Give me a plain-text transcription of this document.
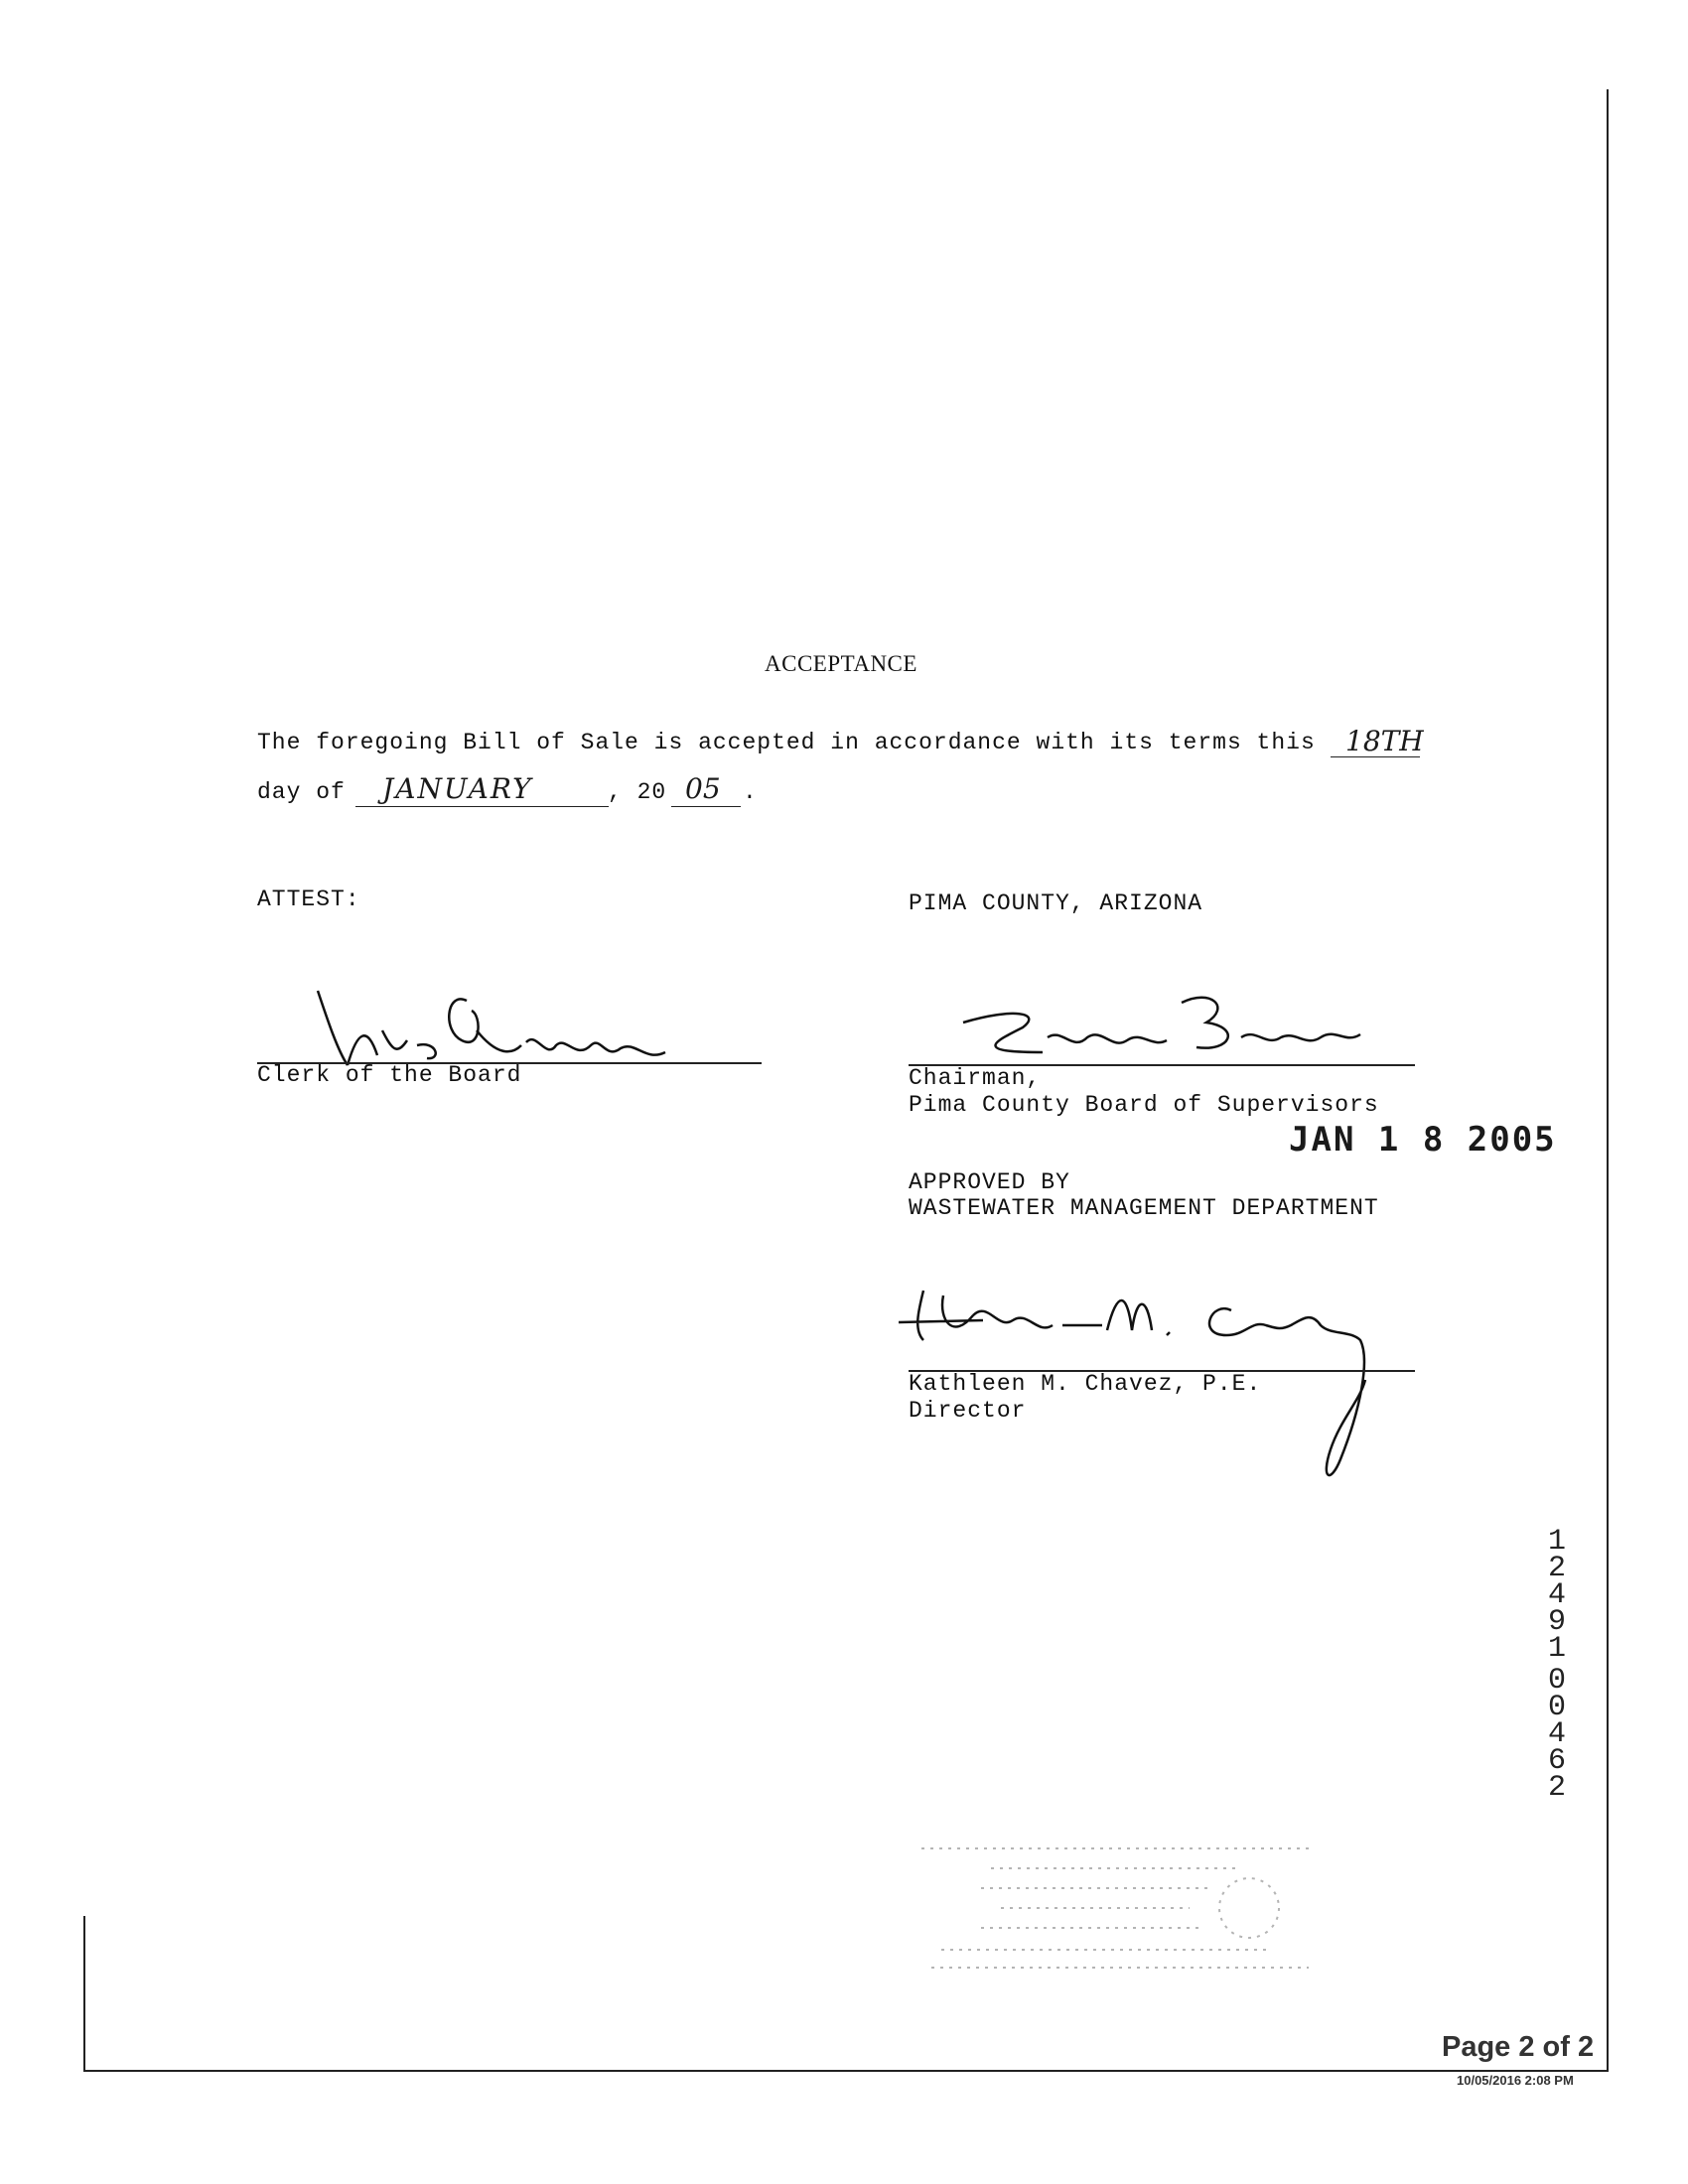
ACCEPTANCE
The foregoing Bill of Sale is accepted in accordance with its terms this 18TH
day of JANUARY	, 20 05 .
ATTEST:
Lori Godoshian
Clerk of the Board
PIMA COUNTY, ARIZONA
Sharon Bronson
Chairman,
Pima County Board of Supervisors
JAN 1 8 2005
APPROVED BY
WASTEWATER MANAGEMENT DEPARTMENT
Kathleen M. Chavez
Kathleen M. Chavez, P.E.
Director
1
2
4
9
1
0
0
4
6
2
Page 2 of 2
10/05/2016 2:08 PM
